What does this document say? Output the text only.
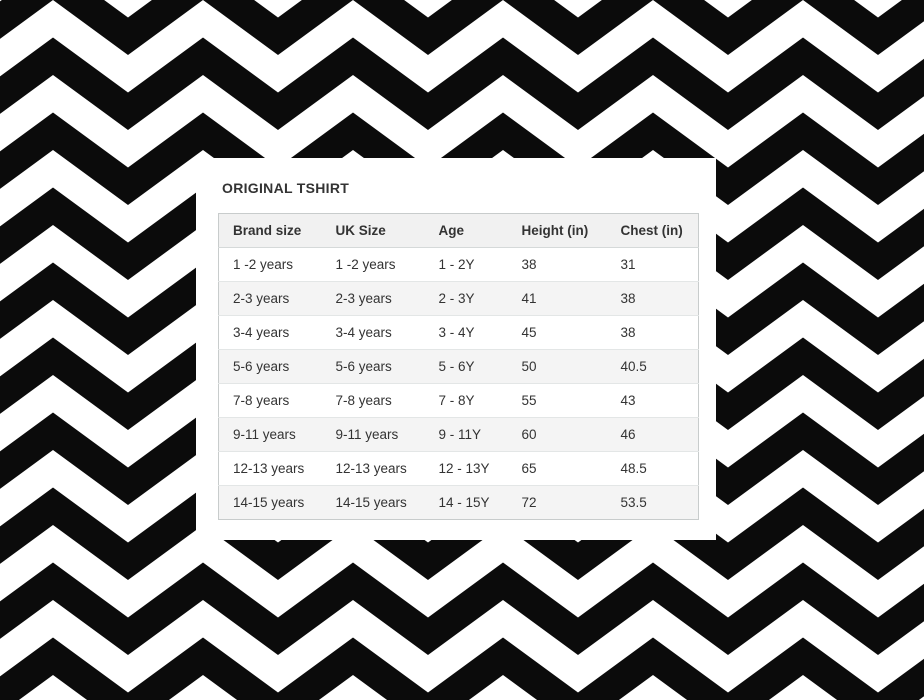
ORIGINAL TSHIRT
Brand size	UK Size	Age	Height (in)	Chest (in)
1 -2 years	1 -2 years	1 - 2Y	38	31
2-3 years	2-3 years	2 - 3Y	41	38
3-4 years	3-4 years	3 - 4Y	45	38
5-6 years	5-6 years	5 - 6Y	50	40.5
7-8 years	7-8 years	7 - 8Y	55	43
9-11 years	9-11 years	9 - 11Y	60	46
12-13 years	12-13 years	12 - 13Y	65	48.5
14-15 years	14-15 years	14 - 15Y	72	53.5
